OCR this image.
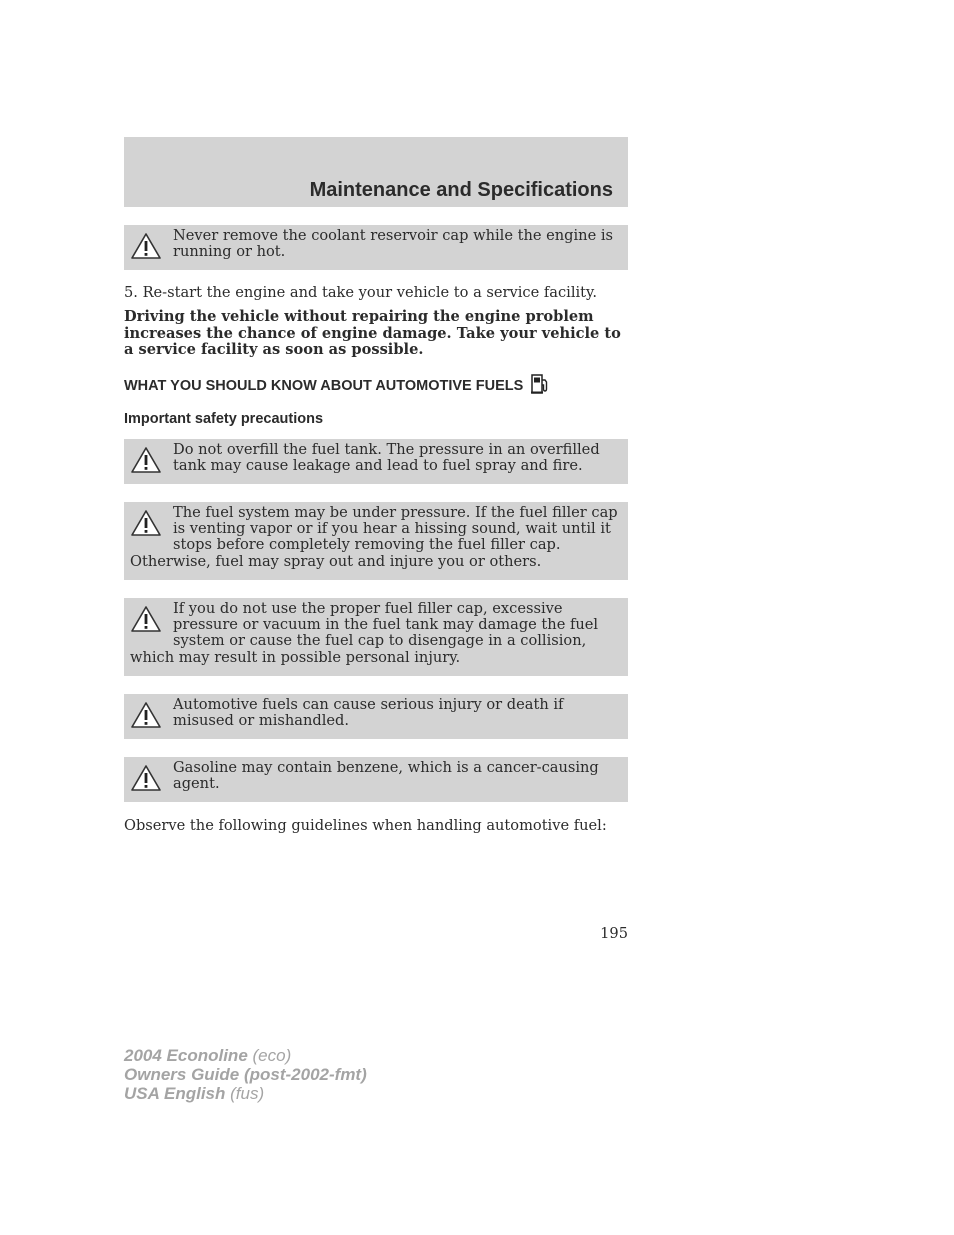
Maintenance and Specifications
Never remove the coolant reservoir cap while the engine is running or hot.
5. Re-start the engine and take your vehicle to a service facility.
Driving the vehicle without repairing the engine problem increases the chance of engine damage. Take your vehicle to a service facility as soon as possible.
WHAT YOU SHOULD KNOW ABOUT AUTOMOTIVE FUELS
Important safety precautions
Do not overfill the fuel tank. The pressure in an overfilled tank may cause leakage and lead to fuel spray and fire.
The fuel system may be under pressure. If the fuel filler cap is venting vapor or if you hear a hissing sound, wait until it stops before completely removing the fuel filler cap. Otherwise, fuel may spray out and injure you or others.
If you do not use the proper fuel filler cap, excessive pressure or vacuum in the fuel tank may damage the fuel system or cause the fuel cap to disengage in a collision, which may result in possible personal injury.
Automotive fuels can cause serious injury or death if misused or mishandled.
Gasoline may contain benzene, which is a cancer-causing agent.
Observe the following guidelines when handling automotive fuel:
195
2004 Econoline (eco)
Owners Guide (post-2002-fmt)
USA English (fus)
